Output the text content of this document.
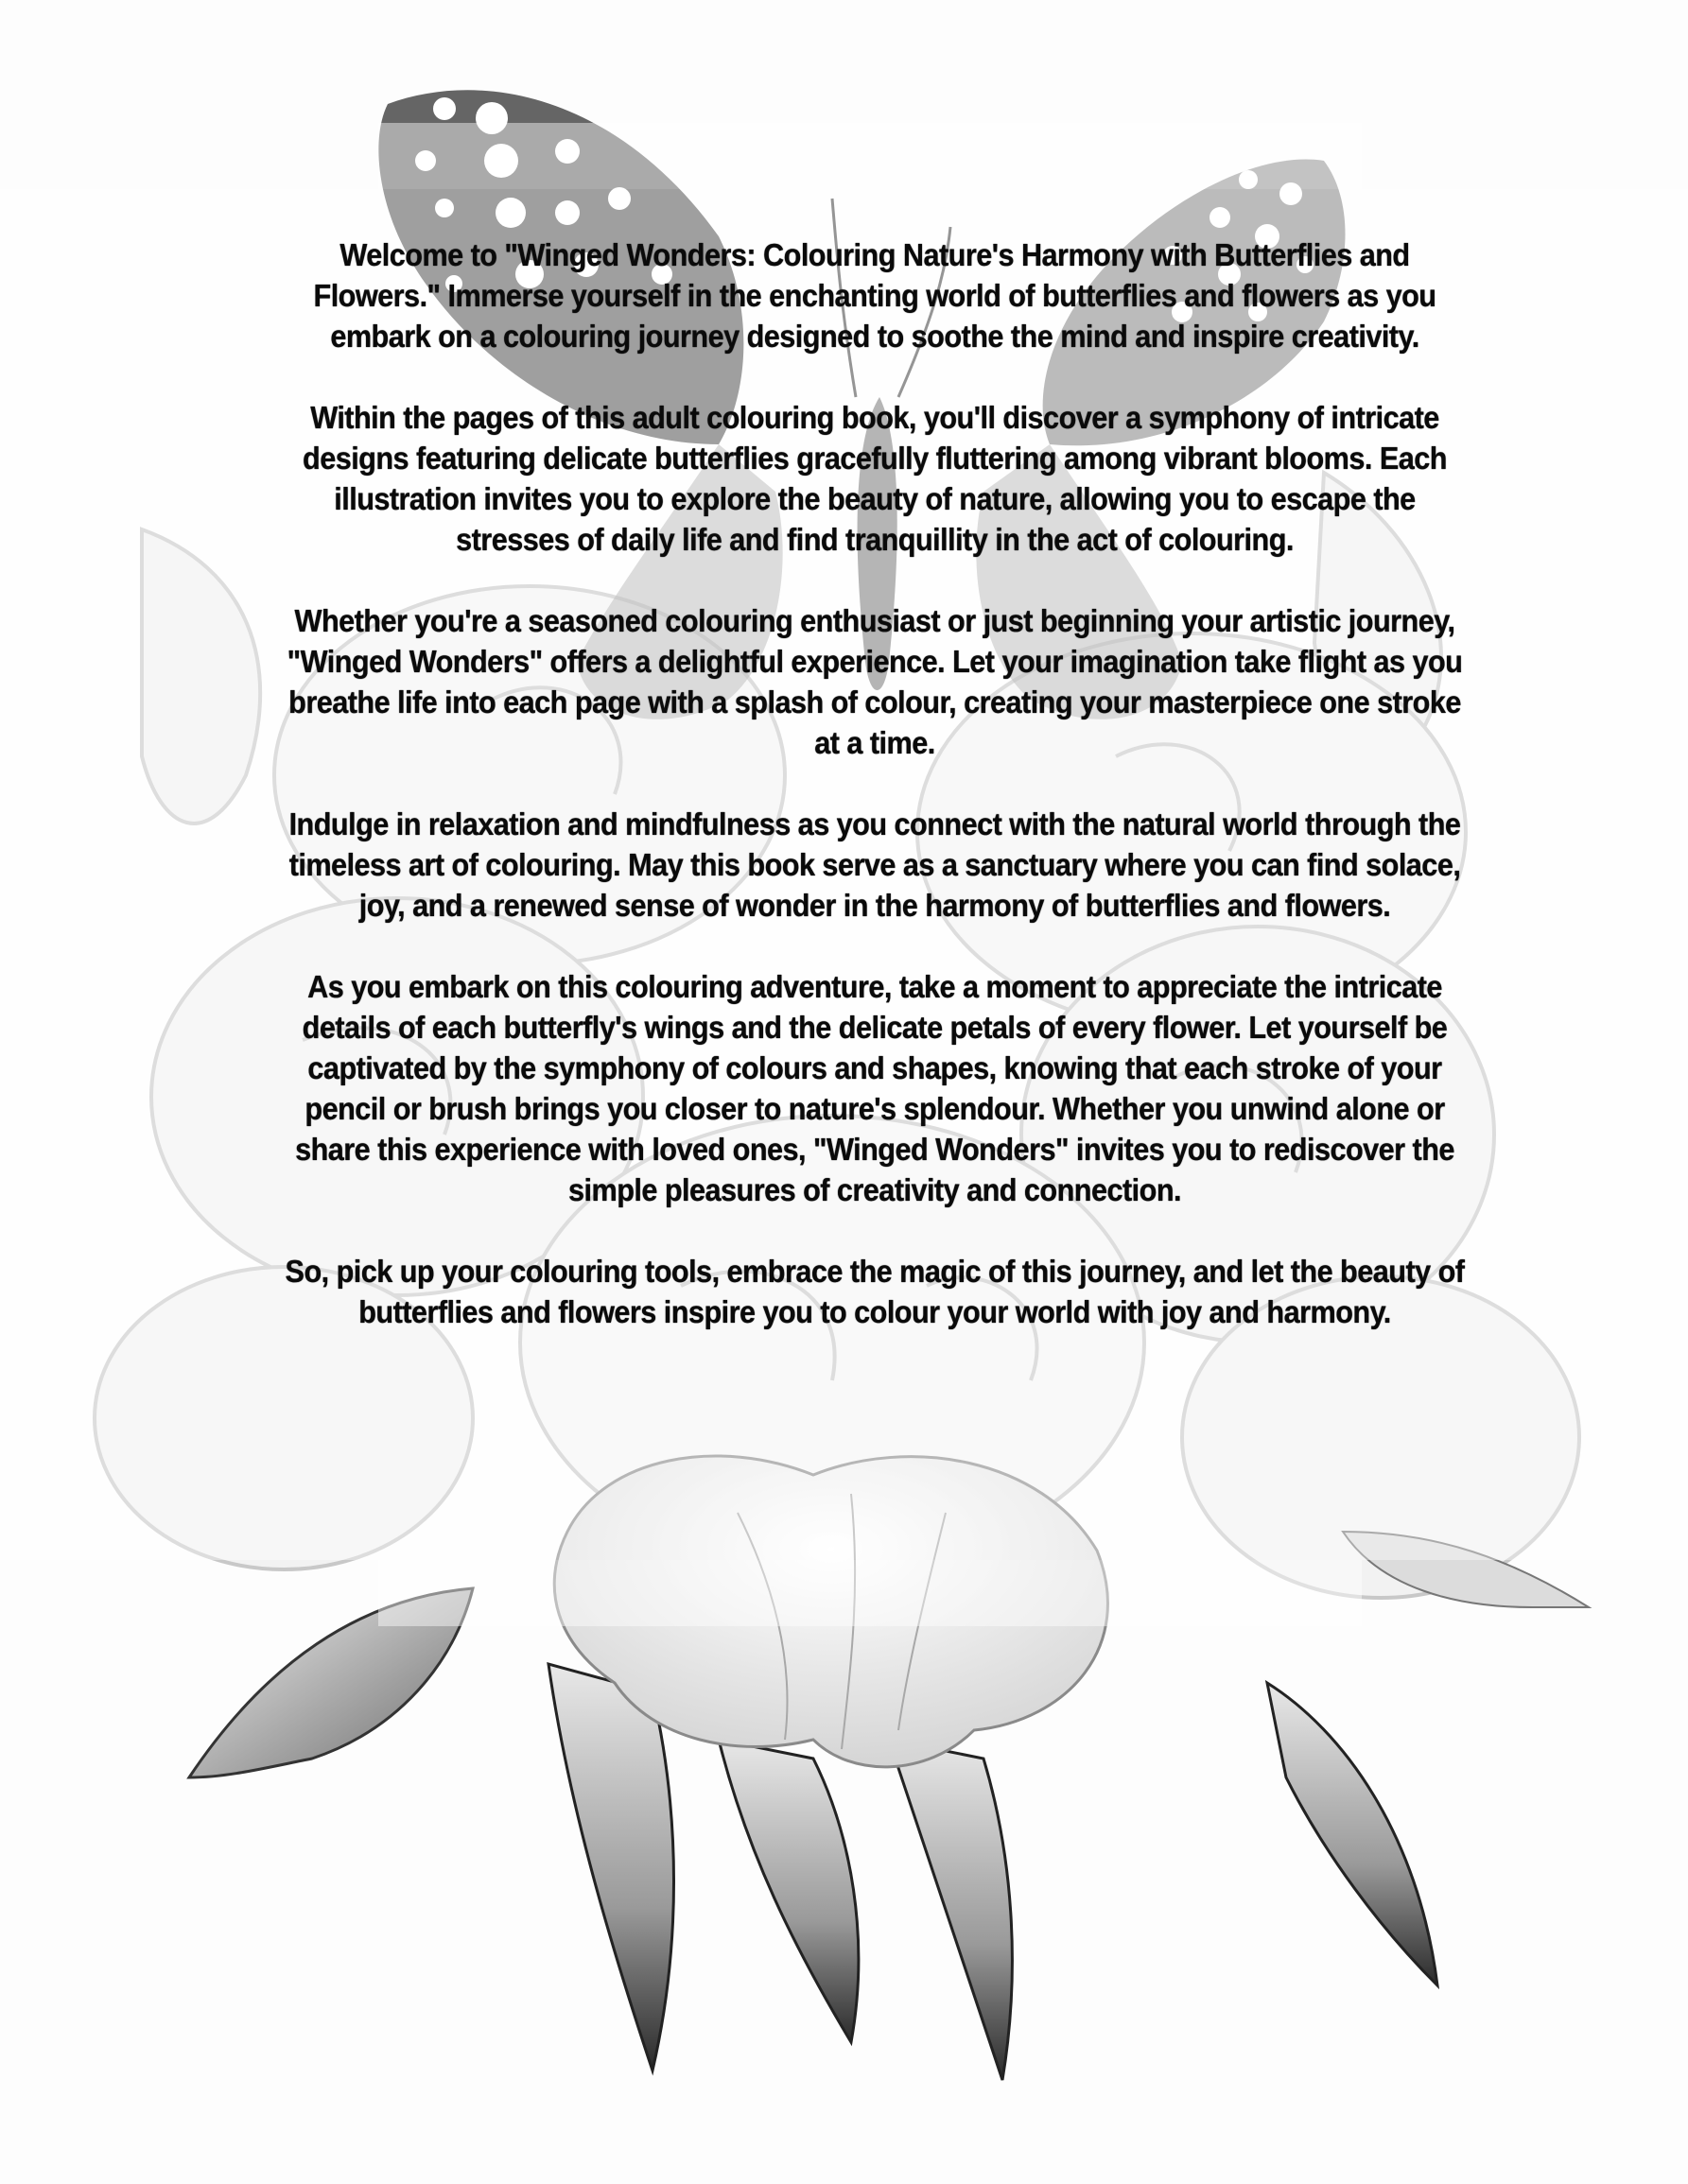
Welcome to "Winged Wonders: Colouring Nature's Harmony with Butterflies and Flowers." Immerse yourself in the enchanting world of butterflies and flowers as you embark on a colouring journey designed to soothe the mind and inspire creativity.

Within the pages of this adult colouring book, you'll discover a symphony of intricate designs featuring delicate butterflies gracefully fluttering among vibrant blooms. Each illustration invites you to explore the beauty of nature, allowing you to escape the stresses of daily life and find tranquillity in the act of colouring.

Whether you're a seasoned colouring enthusiast or just beginning your artistic journey, "Winged Wonders" offers a delightful experience. Let your imagination take flight as you breathe life into each page with a splash of colour, creating your masterpiece one stroke at a time.

Indulge in relaxation and mindfulness as you connect with the natural world through the timeless art of colouring. May this book serve as a sanctuary where you can find solace, joy, and a renewed sense of wonder in the harmony of butterflies and flowers.

As you embark on this colouring adventure, take a moment to appreciate the intricate details of each butterfly's wings and the delicate petals of every flower. Let yourself be captivated by the symphony of colours and shapes, knowing that each stroke of your pencil or brush brings you closer to nature's splendour. Whether you unwind alone or share this experience with loved ones, "Winged Wonders" invites you to rediscover the simple pleasures of creativity and connection.

So, pick up your colouring tools, embrace the magic of this journey, and let the beauty of butterflies and flowers inspire you to colour your world with joy and harmony.
